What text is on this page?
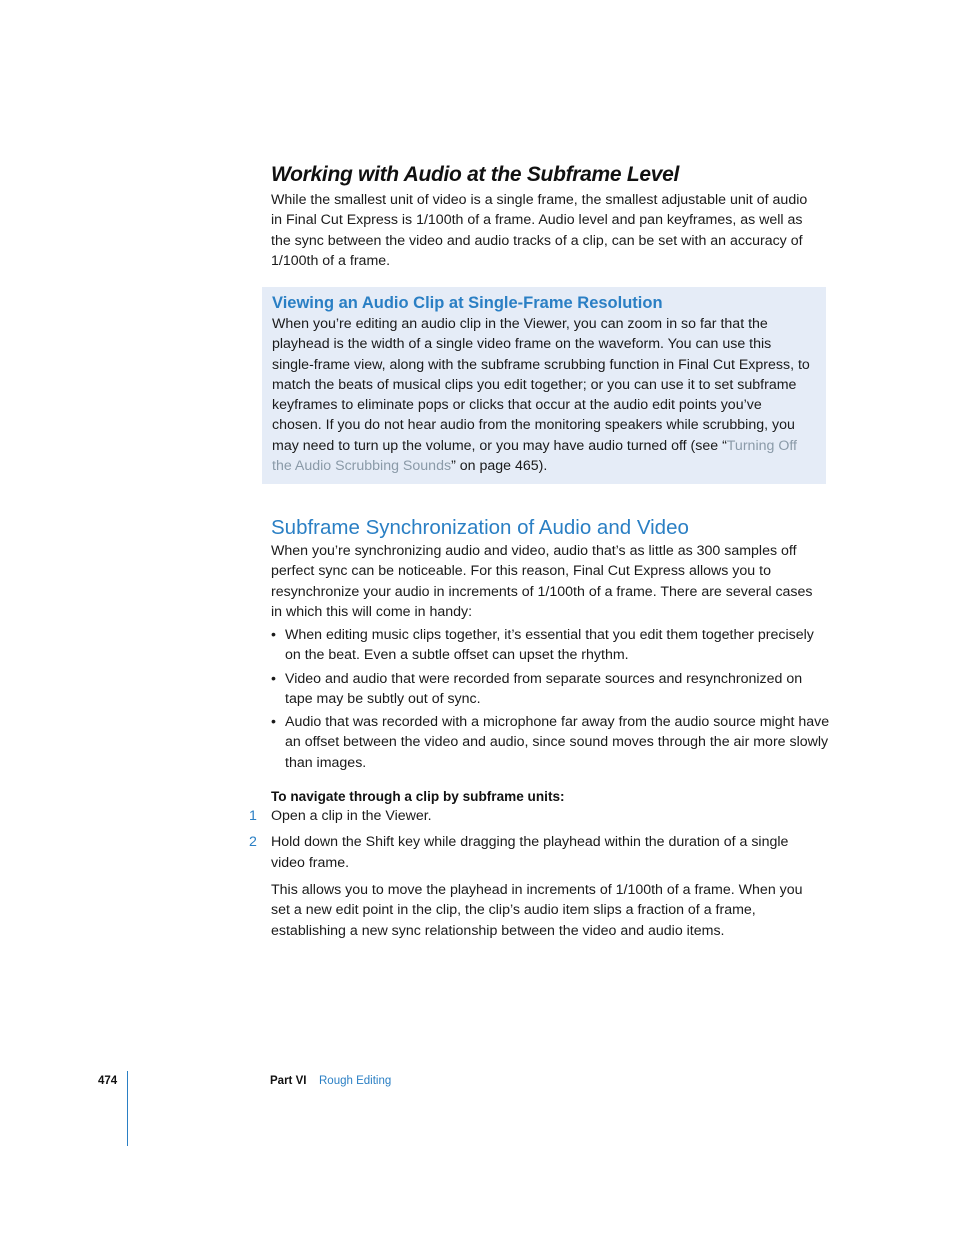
Working with Audio at the Subframe Level

While the smallest unit of video is a single frame, the smallest adjustable unit of audio in Final Cut Express is 1/100th of a frame. Audio level and pan keyframes, as well as the sync between the video and audio tracks of a clip, can be set with an accuracy of 1/100th of a frame.

Viewing an Audio Clip at Single-Frame Resolution

When you’re editing an audio clip in the Viewer, you can zoom in so far that the playhead is the width of a single video frame on the waveform. You can use this single-frame view, along with the subframe scrubbing function in Final Cut Express, to match the beats of musical clips you edit together; or you can use it to set subframe keyframes to eliminate pops or clicks that occur at the audio edit points you’ve chosen. If you do not hear audio from the monitoring speakers while scrubbing, you may need to turn up the volume, or you may have audio turned off (see “Turning Off the Audio Scrubbing Sounds” on page 465).

Subframe Synchronization of Audio and Video

When you’re synchronizing audio and video, audio that’s as little as 300 samples off perfect sync can be noticeable. For this reason, Final Cut Express allows you to resynchronize your audio in increments of 1/100th of a frame. There are several cases in which this will come in handy:

• When editing music clips together, it’s essential that you edit them together precisely on the beat. Even a subtle offset can upset the rhythm.
• Video and audio that were recorded from separate sources and resynchronized on tape may be subtly out of sync.
• Audio that was recorded with a microphone far away from the audio source might have an offset between the video and audio, since sound moves through the air more slowly than images.
To navigate through a clip by subframe units:
1 Open a clip in the Viewer.
2 Hold down the Shift key while dragging the playhead within the duration of a single video frame.

This allows you to move the playhead in increments of 1/100th of a frame. When you set a new edit point in the clip, the clip’s audio item slips a fraction of a frame, establishing a new sync relationship between the video and audio items.

474	Part VI Rough Editing
